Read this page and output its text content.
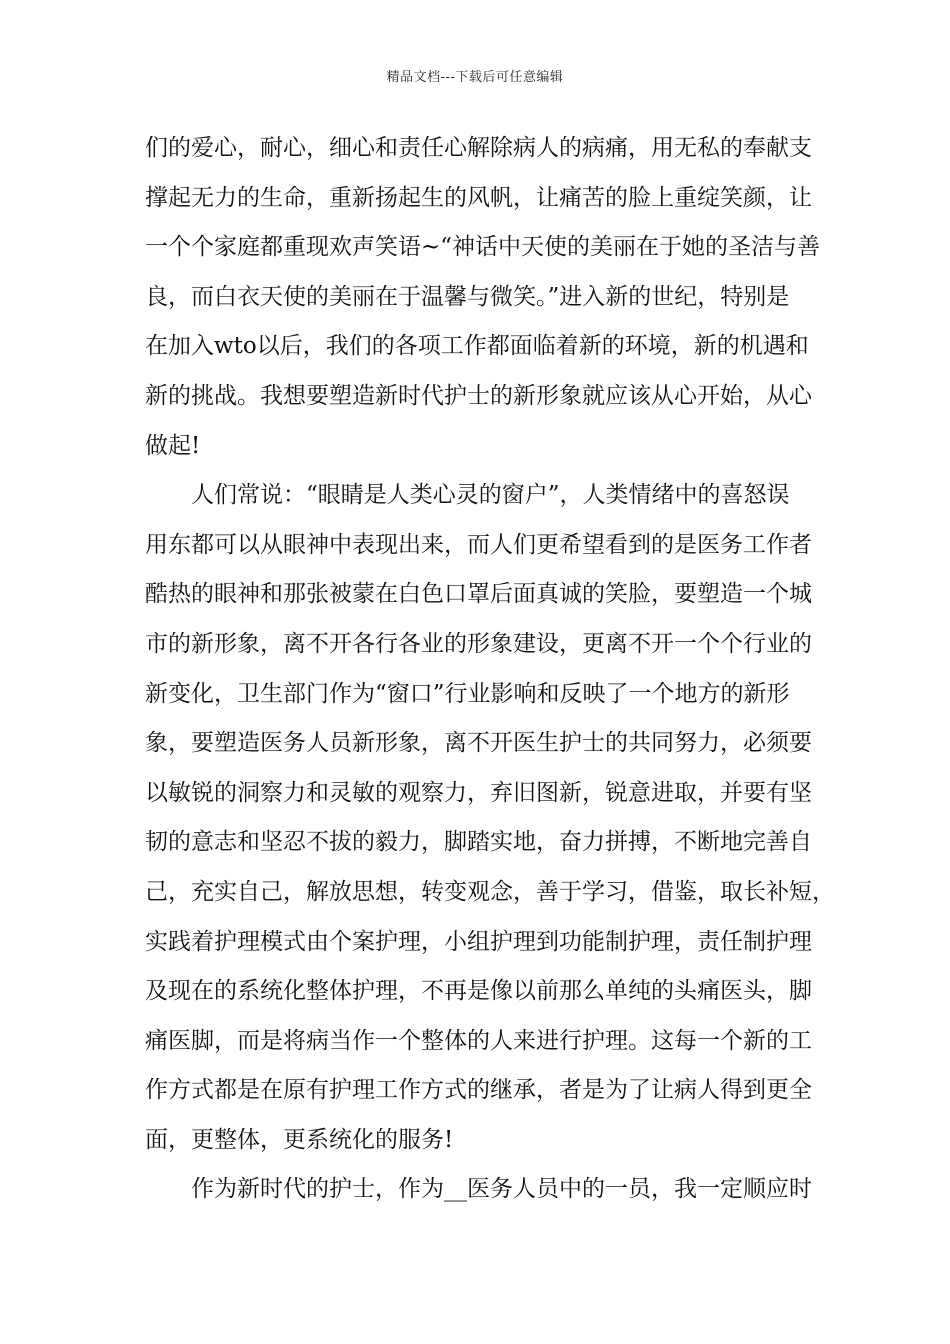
精品文档---下载后可任意编辑
们的爱心，耐心，细心和责任心解除病人的病痛，用无私的奉献支
撑起无力的生命，重新扬起生的风帆，让痛苦的脸上重绽笑颜，让
一个个家庭都重现欢声笑语~“神话中天使的美丽在于她的圣洁与善
良，而白衣天使的美丽在于温馨与微笑。”进入新的世纪，特别是
在加入wto以后，我们的各项工作都面临着新的环境，新的机遇和
新的挑战。我想要塑造新时代护士的新形象就应该从心开始，从心
做起!
人们常说：“眼睛是人类心灵的窗户”，人类情绪中的喜怒误
用东都可以从眼神中表现出来，而人们更希望看到的是医务工作者
酷热的眼神和那张被蒙在白色口罩后面真诚的笑脸，要塑造一个城
市的新形象，离不开各行各业的形象建设，更离不开一个个行业的
新变化，卫生部门作为“窗口”行业影响和反映了一个地方的新形
象，要塑造医务人员新形象，离不开医生护士的共同努力，必须要
以敏锐的洞察力和灵敏的观察力，弃旧图新，锐意进取，并要有坚
韧的意志和坚忍不拔的毅力，脚踏实地，奋力拼搏，不断地完善自
己，充实自己，解放思想，转变观念，善于学习，借鉴，取长补短，
实践着护理模式由个案护理，小组护理到功能制护理，责任制护理
及现在的系统化整体护理，不再是像以前那么单纯的头痛医头，脚
痛医脚，而是将病当作一个整体的人来进行护理。这每一个新的工
作方式都是在原有护理工作方式的继承，者是为了让病人得到更全
面，更整体，更系统化的服务!
作为新时代的护士，作为__医务人员中的一员，我一定顺应时
